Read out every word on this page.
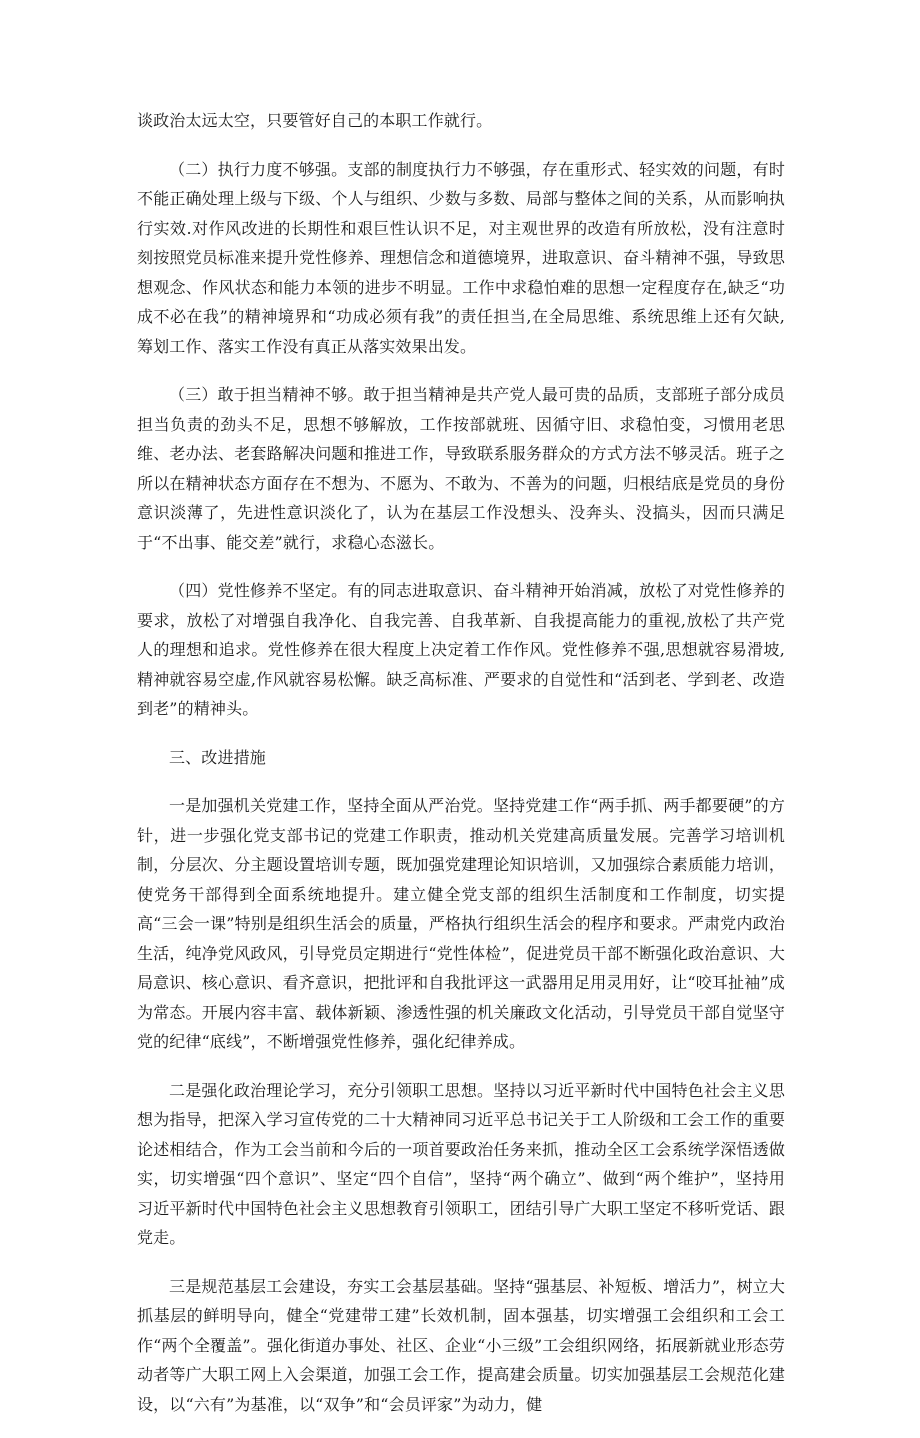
谈政治太远太空，只要管好自己的本职工作就行。

（二）执行力度不够强。支部的制度执行力不够强，存在重形式、轻实效的问题，有时不能正确处理上级与下级、个人与组织、少数与多数、局部与整体之间的关系，从而影响执行实效.对作风改进的长期性和艰巨性认识不足，对主观世界的改造有所放松，没有注意时刻按照党员标准来提升党性修养、理想信念和道德境界，进取意识、奋斗精神不强，导致思想观念、作风状态和能力本领的进步不明显。工作中求稳怕难的思想一定程度存在,缺乏“功成不必在我”的精神境界和“功成必须有我”的责任担当,在全局思维、系统思维上还有欠缺,筹划工作、落实工作没有真正从落实效果出发。

（三）敢于担当精神不够。敢于担当精神是共产党人最可贵的品质，支部班子部分成员担当负责的劲头不足，思想不够解放，工作按部就班、因循守旧、求稳怕变，习惯用老思维、老办法、老套路解决问题和推进工作，导致联系服务群众的方式方法不够灵活。班子之所以在精神状态方面存在不想为、不愿为、不敢为、不善为的问题，归根结底是党员的身份意识淡薄了，先进性意识淡化了，认为在基层工作没想头、没奔头、没搞头，因而只满足于“不出事、能交差”就行，求稳心态滋长。

（四）党性修养不坚定。有的同志进取意识、奋斗精神开始消减，放松了对党性修养的要求，放松了对增强自我净化、自我完善、自我革新、自我提高能力的重视,放松了共产党人的理想和追求。党性修养在很大程度上决定着工作作风。党性修养不强,思想就容易滑坡,精神就容易空虚,作风就容易松懈。缺乏高标准、严要求的自觉性和“活到老、学到老、改造到老”的精神头。

三、改进措施

一是加强机关党建工作，坚持全面从严治党。坚持党建工作“两手抓、两手都要硬”的方针，进一步强化党支部书记的党建工作职责，推动机关党建高质量发展。完善学习培训机制，分层次、分主题设置培训专题，既加强党建理论知识培训，又加强综合素质能力培训，使党务干部得到全面系统地提升。建立健全党支部的组织生活制度和工作制度，切实提高“三会一课”特别是组织生活会的质量，严格执行组织生活会的程序和要求。严肃党内政治生活，纯净党风政风，引导党员定期进行“党性体检”，促进党员干部不断强化政治意识、大局意识、核心意识、看齐意识，把批评和自我批评这一武器用足用灵用好，让“咬耳扯袖”成为常态。开展内容丰富、载体新颖、渗透性强的机关廉政文化活动，引导党员干部自觉坚守党的纪律“底线”，不断增强党性修养，强化纪律养成。

二是强化政治理论学习，充分引领职工思想。坚持以习近平新时代中国特色社会主义思想为指导，把深入学习宣传党的二十大精神同习近平总书记关于工人阶级和工会工作的重要论述相结合，作为工会当前和今后的一项首要政治任务来抓，推动全区工会系统学深悟透做实，切实增强“四个意识”、坚定“四个自信”，坚持“两个确立”、做到“两个维护”，坚持用习近平新时代中国特色社会主义思想教育引领职工，团结引导广大职工坚定不移听党话、跟党走。

三是规范基层工会建设，夯实工会基层基础。坚持“强基层、补短板、增活力”，树立大抓基层的鲜明导向，健全“党建带工建”长效机制，固本强基，切实增强工会组织和工会工作“两个全覆盖”。强化街道办事处、社区、企业“小三级”工会组织网络，拓展新就业形态劳动者等广大职工网上入会渠道，加强工会工作，提高建会质量。切实加强基层工会规范化建设，以“六有”为基准，以“双争”和“会员评家”为动力，健
